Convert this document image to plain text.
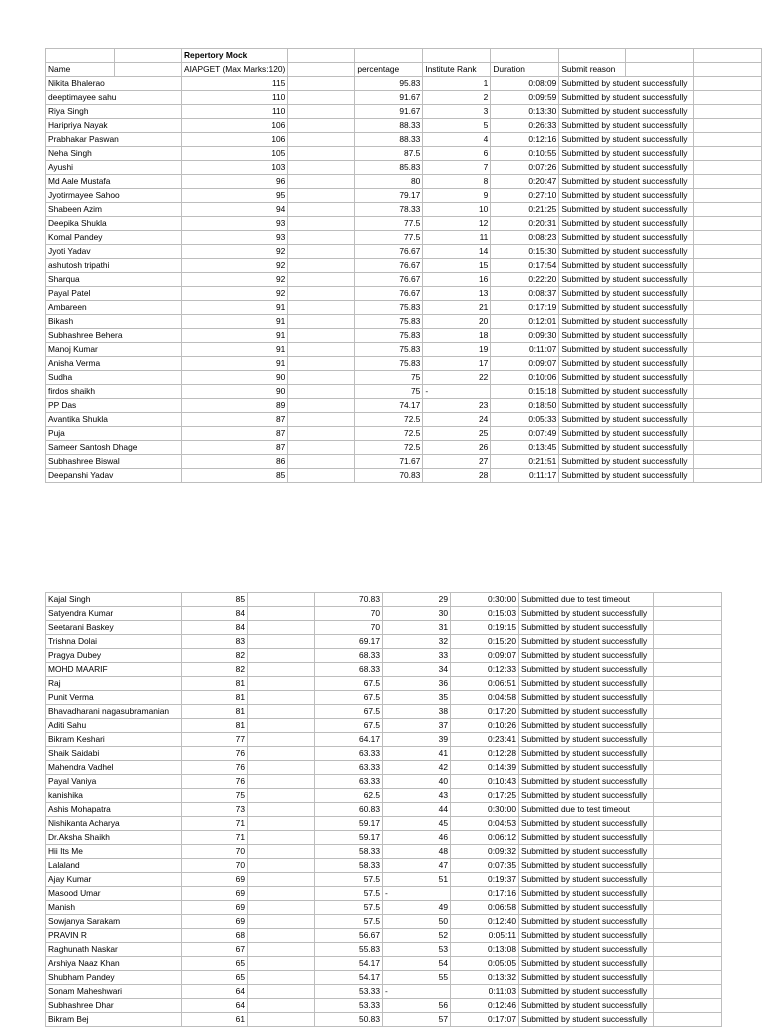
		Repertory Mock							
Name		AIAPGET (Max Marks:120)		percentage	Institute Rank	Duration	Submit reason		
Nikita Bhalerao		115		95.83	1	0:08:09	Submitted by student successfully		
deeptimayee sahu		110		91.67	2	0:09:59	Submitted by student successfully		
Riya Singh		110		91.67	3	0:13:30	Submitted by student successfully		
Haripriya Nayak		106		88.33	5	0:26:33	Submitted by student successfully		
Prabhakar Paswan		106		88.33	4	0:12:16	Submitted by student successfully		
Neha Singh		105		87.5	6	0:10:55	Submitted by student successfully		
Ayushi		103		85.83	7	0:07:26	Submitted by student successfully		
Md Aale Mustafa		96		80	8	0:20:47	Submitted by student successfully		
Jyotirmayee Sahoo		95		79.17	9	0:27:10	Submitted by student successfully		
Shabeen Azim		94		78.33	10	0:21:25	Submitted by student successfully		
Deepika Shukla		93		77.5	12	0:20:31	Submitted by student successfully		
Komal Pandey		93		77.5	11	0:08:23	Submitted by student successfully		
Jyoti Yadav		92		76.67	14	0:15:30	Submitted by student successfully		
ashutosh tripathi		92		76.67	15	0:17:54	Submitted by student successfully		
Sharqua		92		76.67	16	0:22:20	Submitted by student successfully		
Payal Patel		92		76.67	13	0:08:37	Submitted by student successfully		
Ambareen		91		75.83	21	0:17:19	Submitted by student successfully		
Bikash		91		75.83	20	0:12:01	Submitted by student successfully		
Subhashree Behera		91		75.83	18	0:09:30	Submitted by student successfully		
Manoj Kumar		91		75.83	19	0:11:07	Submitted by student successfully		
Anisha Verma		91		75.83	17	0:09:07	Submitted by student successfully		
Sudha		90		75	22	0:10:06	Submitted by student successfully		
firdos shaikh		90		75	-	0:15:18	Submitted by student successfully		
PP Das		89		74.17	23	0:18:50	Submitted by student successfully		
Avantika Shukla		87		72.5	24	0:05:33	Submitted by student successfully		
Puja		87		72.5	25	0:07:49	Submitted by student successfully		
Sameer Santosh Dhage		87		72.5	26	0:13:45	Submitted by student successfully		
Subhashree Biswal		86		71.67	27	0:21:51	Submitted by student successfully		
Deepanshi Yadav		85		70.83	28	0:11:17	Submitted by student successfully		
Kajal Singh	85		70.83	29	0:30:00	Submitted due to test timeout	
Satyendra Kumar	84		70	30	0:15:03	Submitted by student successfully	
Seetarani Baskey	84		70	31	0:19:15	Submitted by student successfully	
Trishna Dolai	83		69.17	32	0:15:20	Submitted by student successfully	
Pragya Dubey	82		68.33	33	0:09:07	Submitted by student successfully	
MOHD MAARIF	82		68.33	34	0:12:33	Submitted by student successfully	
Raj	81		67.5	36	0:06:51	Submitted by student successfully	
Punit Verma	81		67.5	35	0:04:58	Submitted by student successfully	
Bhavadharani nagasubramanian	81		67.5	38	0:17:20	Submitted by student successfully	
Aditi Sahu	81		67.5	37	0:10:26	Submitted by student successfully	
Bikram Keshari	77		64.17	39	0:23:41	Submitted by student successfully	
Shaik Saidabi	76		63.33	41	0:12:28	Submitted by student successfully	
Mahendra Vadhel	76		63.33	42	0:14:39	Submitted by student successfully	
Payal Vaniya	76		63.33	40	0:10:43	Submitted by student successfully	
kanishika	75		62.5	43	0:17:25	Submitted by student successfully	
Ashis Mohapatra	73		60.83	44	0:30:00	Submitted due to test timeout	
Nishikanta Acharya	71		59.17	45	0:04:53	Submitted by student successfully	
Dr.Aksha Shaikh	71		59.17	46	0:06:12	Submitted by student successfully	
Hii Its Me	70		58.33	48	0:09:32	Submitted by student successfully	
Lalaland	70		58.33	47	0:07:35	Submitted by student successfully	
Ajay Kumar	69		57.5	51	0:19:37	Submitted by student successfully	
Masood Umar	69		57.5	-	0:17:16	Submitted by student successfully	
Manish	69		57.5	49	0:06:58	Submitted by student successfully	
Sowjanya Sarakam	69		57.5	50	0:12:40	Submitted by student successfully	
PRAVIN R	68		56.67	52	0:05:11	Submitted by student successfully	
Raghunath Naskar	67		55.83	53	0:13:08	Submitted by student successfully	
Arshiya Naaz Khan	65		54.17	54	0:05:05	Submitted by student successfully	
Shubham Pandey	65		54.17	55	0:13:32	Submitted by student successfully	
Sonam Maheshwari	64		53.33	-	0:11:03	Submitted by student successfully	
Subhashree Dhar	64		53.33	56	0:12:46	Submitted by student successfully	
Bikram Bej	61		50.83	57	0:17:07	Submitted by student successfully	
